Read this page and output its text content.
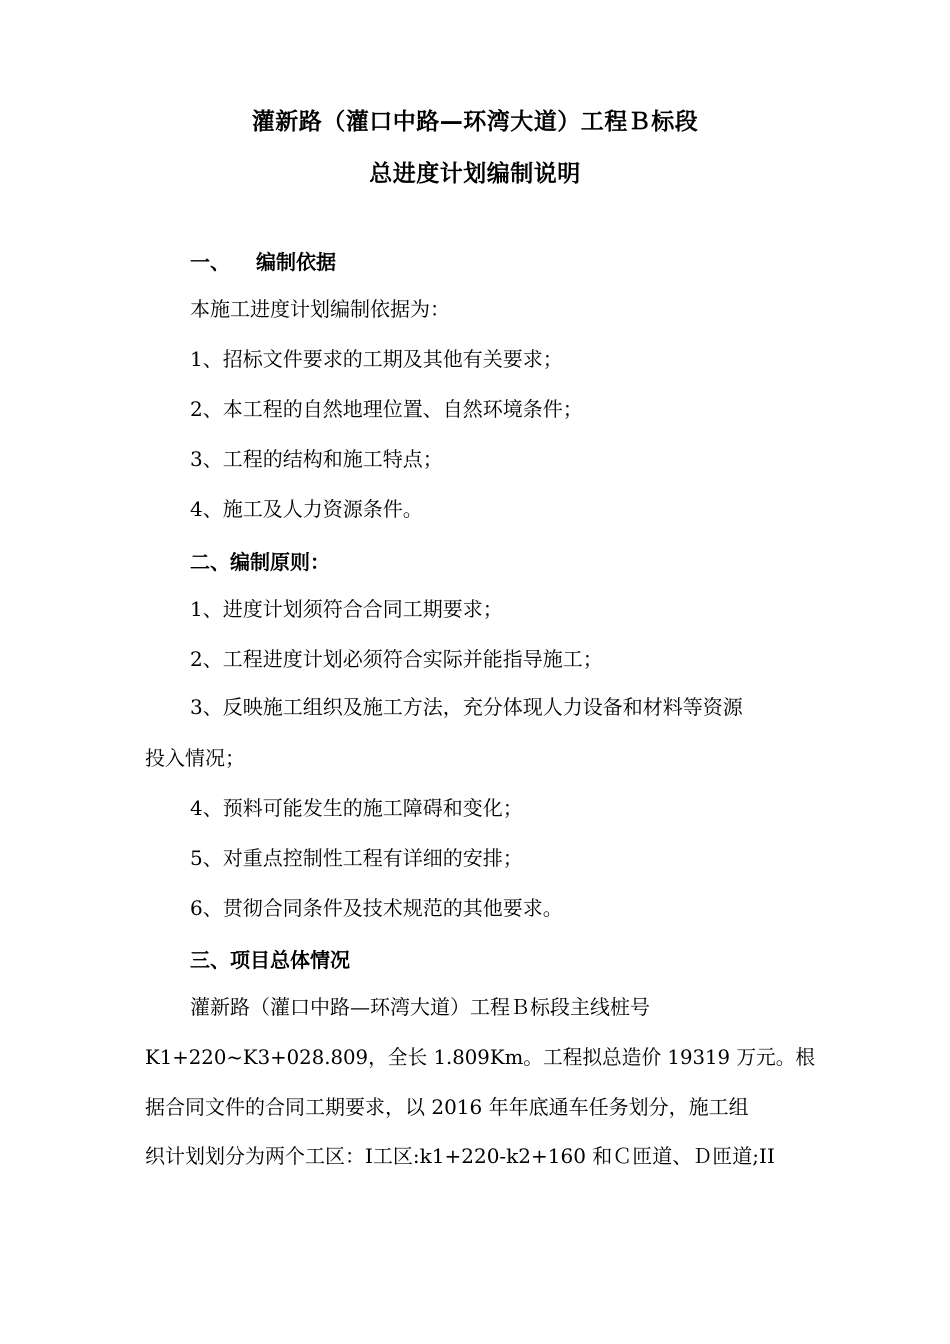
灌新路（灌口中路—环湾大道）工程Ｂ标段
总进度计划编制说明
一、 编制依据
本施工进度计划编制依据为：
1、招标文件要求的工期及其他有关要求；
2、本工程的自然地理位置、自然环境条件；
3、工程的结构和施工特点；
4、施工及人力资源条件。
二、编制原则：
1、进度计划须符合合同工期要求；
2、工程进度计划必须符合实际并能指导施工；
3、反映施工组织及施工方法，充分体现人力设备和材料等资源
投入情况；
4、预料可能发生的施工障碍和变化；
5、对重点控制性工程有详细的安排；
6、贯彻合同条件及技术规范的其他要求。
三、项目总体情况
灌新路（灌口中路—环湾大道）工程Ｂ标段主线桩号
K1+220~K3+028.809，全长 1.809Km。工程拟总造价 19319 万元。根
据合同文件的合同工期要求，以 2016 年年底通车任务划分，施工组
织计划划分为两个工区：Ⅰ工区:k1+220-k2+160 和Ｃ匝道、Ｄ匝道;II
